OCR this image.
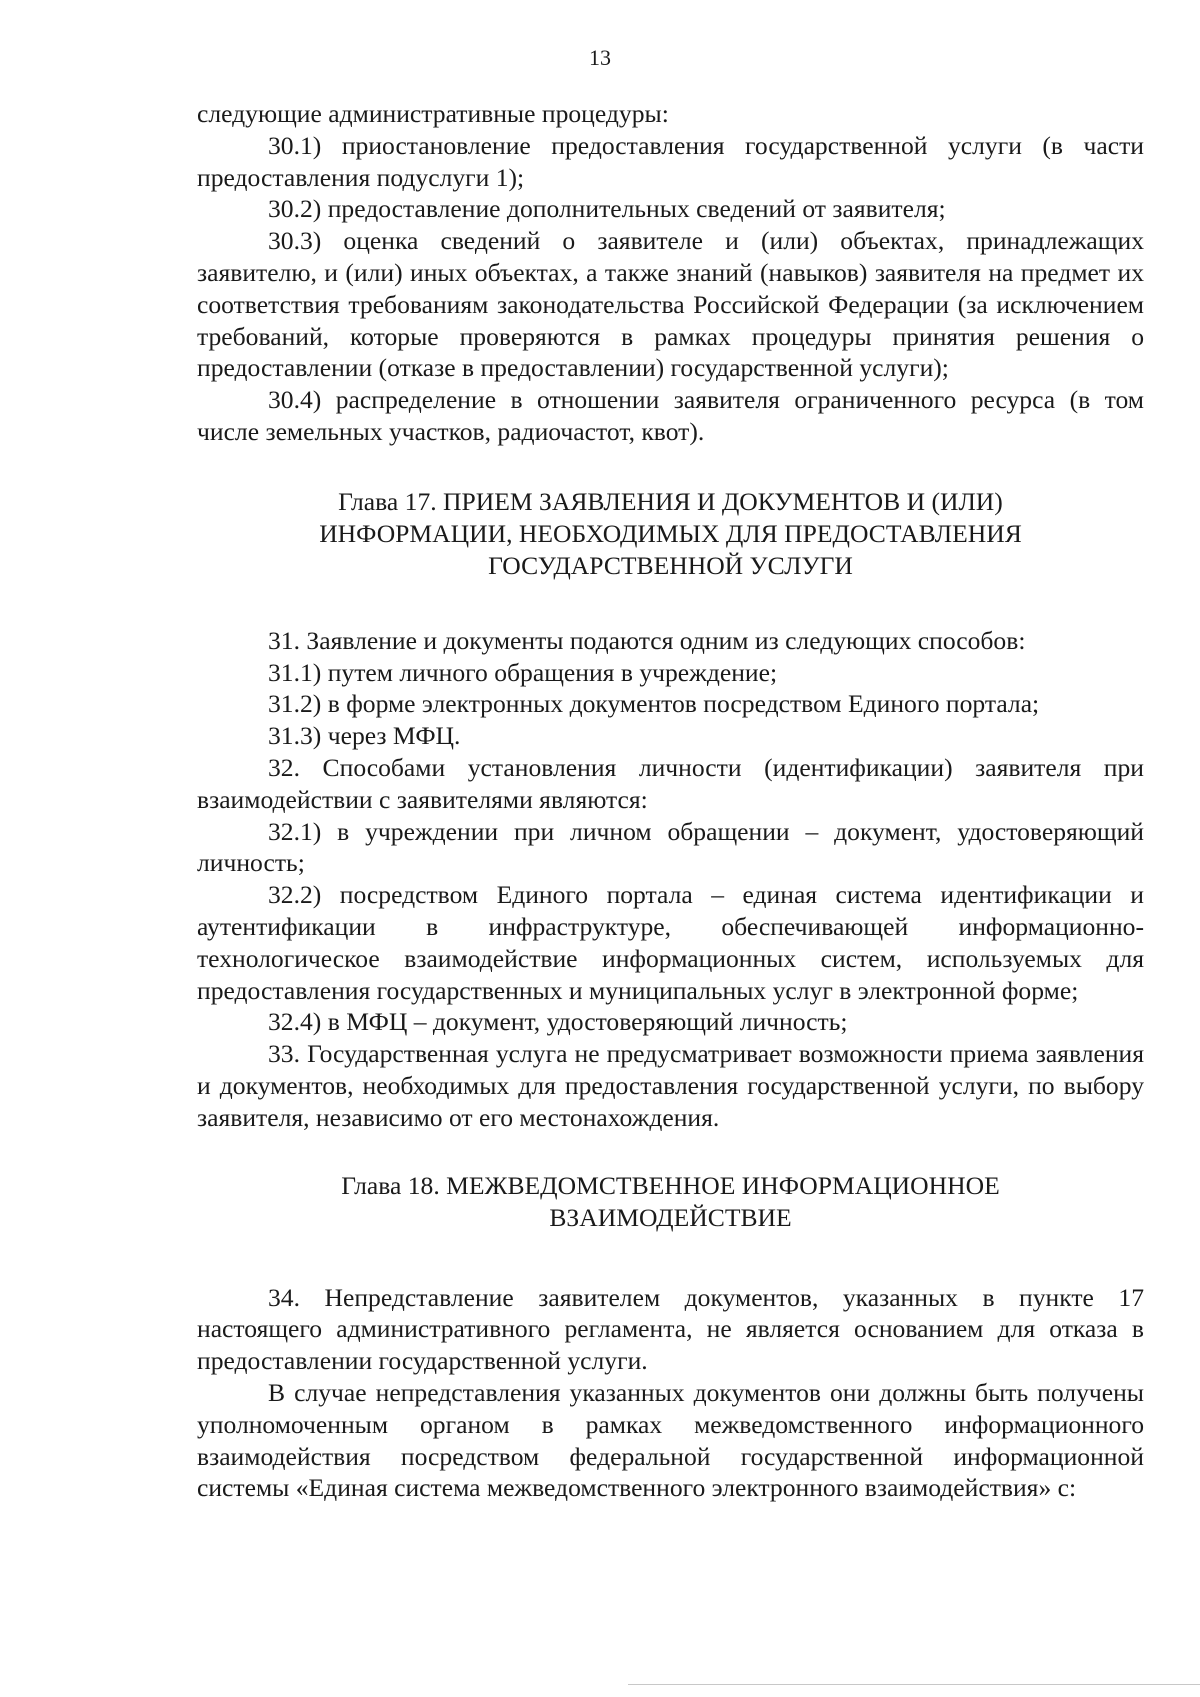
13

следующие административные процедуры:

30.1) приостановление предоставления государственной услуги (в части предоставления подуслуги 1);

30.2) предоставление дополнительных сведений от заявителя;

30.3) оценка сведений о заявителе и (или) объектах, принадлежащих заявителю, и (или) иных объектах, а также знаний (навыков) заявителя на предмет их соответствия требованиям законодательства Российской Федерации (за исключением требований, которые проверяются в рамках процедуры принятия решения о предоставлении (отказе в предоставлении) государственной услуги);

30.4) распределение в отношении заявителя ограниченного ресурса (в том числе земельных участков, радиочастот, квот).

Глава 17. ПРИЕМ ЗАЯВЛЕНИЯ И ДОКУМЕНТОВ И (ИЛИ)
ИНФОРМАЦИИ, НЕОБХОДИМЫХ ДЛЯ ПРЕДОСТАВЛЕНИЯ
ГОСУДАРСТВЕННОЙ УСЛУГИ

31. Заявление и документы подаются одним из следующих способов:

31.1) путем личного обращения в учреждение;

31.2) в форме электронных документов посредством Единого портала;

31.3) через МФЦ.

32. Способами установления личности (идентификации) заявителя при взаимодействии с заявителями являются:

32.1) в учреждении при личном обращении – документ, удостоверяющий личность;

32.2) посредством Единого портала – единая система идентификации и аутентификации в инфраструктуре, обеспечивающей информационно-технологическое взаимодействие информационных систем, используемых для предоставления государственных и муниципальных услуг в электронной форме;

32.4) в МФЦ – документ, удостоверяющий личность;

33. Государственная услуга не предусматривает возможности приема заявления и документов, необходимых для предоставления государственной услуги, по выбору заявителя, независимо от его местонахождения.

Глава 18. МЕЖВЕДОМСТВЕННОЕ ИНФОРМАЦИОННОЕ
ВЗАИМОДЕЙСТВИЕ

34. Непредставление заявителем документов, указанных в пункте 17 настоящего административного регламента, не является основанием для отказа в предоставлении государственной услуги.

В случае непредставления указанных документов они должны быть получены уполномоченным органом в рамках межведомственного информационного взаимодействия посредством федеральной государственной информационной системы «Единая система межведомственного электронного взаимодействия» с:
